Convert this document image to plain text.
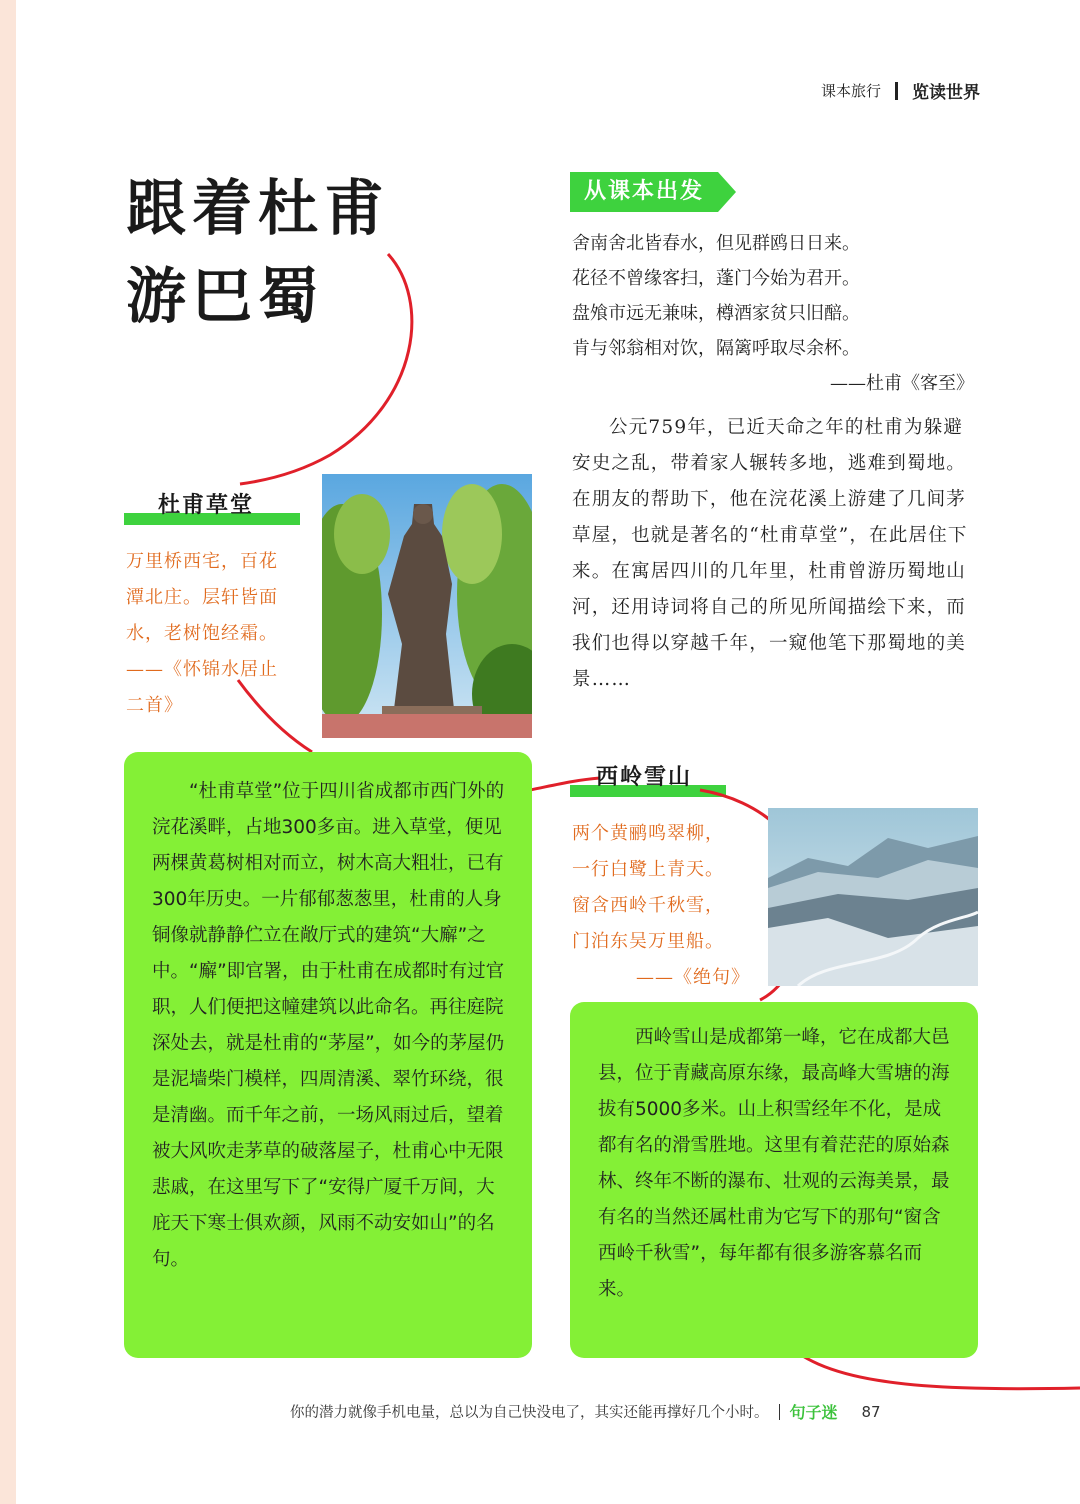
课本旅行 览读世界
跟着杜甫
游巴蜀
从课本出发
舍南舍北皆春水，但见群鸥日日来。
花径不曾缘客扫，蓬门今始为君开。
盘飧市远无兼味，樽酒家贫只旧醅。
肯与邻翁相对饮，隔篱呼取尽余杯。
——杜甫《客至》

公元759年，已近天命之年的杜甫为躲避安史之乱，带着家人辗转多地，逃难到蜀地。在朋友的帮助下，他在浣花溪上游建了几间茅草屋，也就是著名的“杜甫草堂”，在此居住下来。在寓居四川的几年里，杜甫曾游历蜀地山河，还用诗词将自己的所见所闻描绘下来，而我们也得以穿越千年，一窥他笔下那蜀地的美景……

杜甫草堂
万里桥西宅，百花
潭北庄。层轩皆面
水，老树饱经霜。
——《怀锦水居止
二首》

“杜甫草堂”位于四川省成都市西门外的浣花溪畔，占地300多亩。进入草堂，便见两棵黄葛树相对而立，树木高大粗壮，已有300年历史。一片郁郁葱葱里，杜甫的人身铜像就静静伫立在敞厅式的建筑“大廨”之中。“廨”即官署，由于杜甫在成都时有过官职，人们便把这幢建筑以此命名。再往庭院深处去，就是杜甫的“茅屋”，如今的茅屋仍是泥墙柴门模样，四周清溪、翠竹环绕，很是清幽。而千年之前，一场风雨过后，望着被大风吹走茅草的破落屋子，杜甫心中无限悲戚，在这里写下了“安得广厦千万间，大庇天下寒士俱欢颜，风雨不动安如山”的名句。

西岭雪山
两个黄鹂鸣翠柳，
一行白鹭上青天。
窗含西岭千秋雪，
门泊东吴万里船。
——《绝句》

西岭雪山是成都第一峰，它在成都大邑县，位于青藏高原东缘，最高峰大雪塘的海拔有5000多米。山上积雪经年不化，是成都有名的滑雪胜地。这里有着茫茫的原始森林、终年不断的瀑布、壮观的云海美景，最有名的当然还属杜甫为它写下的那句“窗含西岭千秋雪”，每年都有很多游客慕名而来。

你的潜力就像手机电量，总以为自己快没电了，其实还能再撑好几个小时。 句子迷 87
